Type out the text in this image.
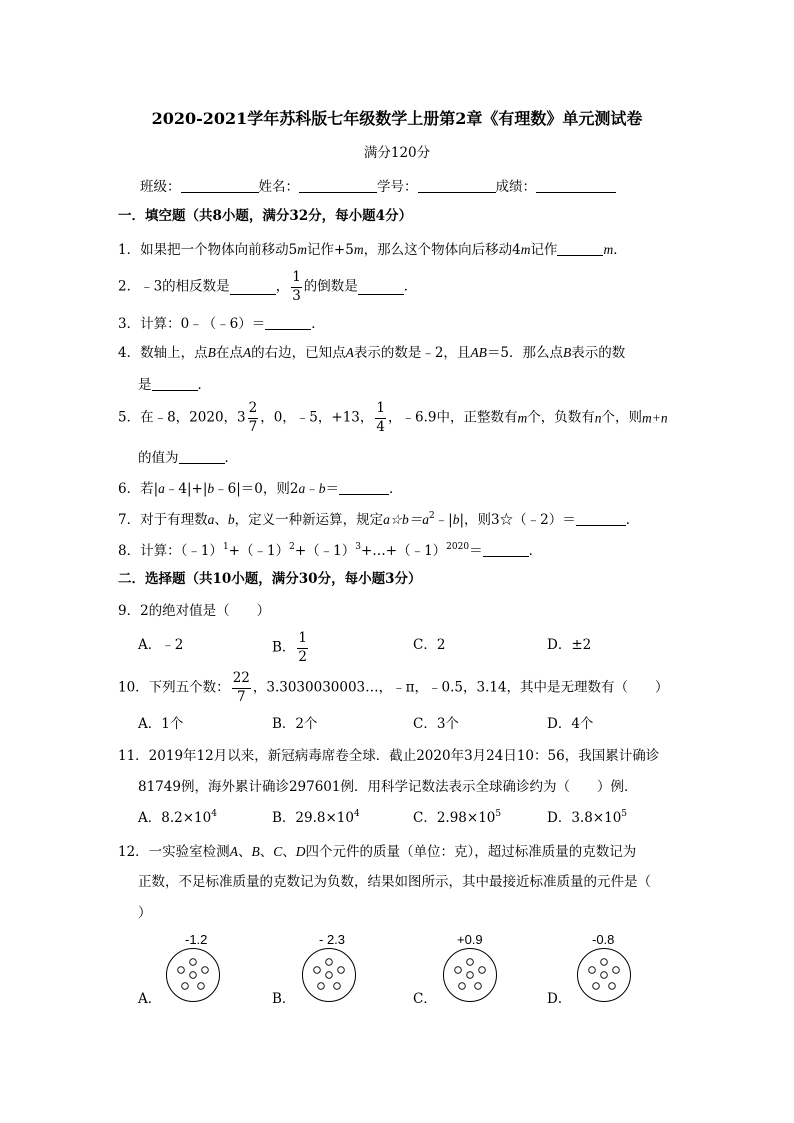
2020-2021学年苏科版七年级数学上册第2章《有理数》单元测试卷
满分120分
班级：	姓名：	学号：	成绩：
一．填空题（共8小题，满分32分，每小题4分）
1．如果把一个物体向前移动5m记作+5m，那么这个物体向后移动4m记作	m．
2．﹣3的相反数是	， $\frac{1}{3}$ 的倒数是	．
3．计算：0﹣（﹣6）＝	．
4．数轴上，点B在点A的右边，已知点A表示的数是﹣2，且AB＝5．那么点B表示的数
是	．
5．在﹣8，2020，$3 \frac{2}{7}$ ，0，﹣5，+13， $\frac{1}{4}$ ，﹣6.9中，正整数有m个，负数有n个，则m+n
的值为	．
6．若|a﹣4|+|b﹣6|＝0，则2a﹣b＝	．
7．对于有理数a、b，定义一种新运算，规定$a☆b=a^2﹣|b|$，则3☆（﹣2）＝	．
8．计算：（﹣1）$^1$+（﹣1）$^2$+（﹣1）$^3$+…+（﹣1）$^{2020}$＝	．
二．选择题（共10小题，满分30分，每小题3分）
9．2的绝对值是（　　）
A．﹣2	B． $\frac{1}{2}$	C．2	D．±2
10．下列五个数： $\frac{22}{7}$ ，3.3030030003…，﹣π，﹣0.5，3.14，其中是无理数有（　　）
A．1个	B．2个	C．3个	D．4个
11．2019年12月以来，新冠病毒席卷全球．截止2020年3月24日10：56，我国累计确诊
81749例，海外累计确诊297601例．用科学记数法表示全球确诊约为（　　）例．
A．$8.2\times 10^4$	B．$29.8\times 10^4$	C．$2.98\times 10^5$	D．$3.8\times 10^5$
12．一实验室检测A、B、C、D四个元件的质量（单位：克），超过标准质量的克数记为
正数，不足标准质量的克数记为负数，结果如图所示，其中最接近标准质量的元件是（
）
A．
-1.2
B．
- 2.3
C．
+0.9
D．
-0.8
